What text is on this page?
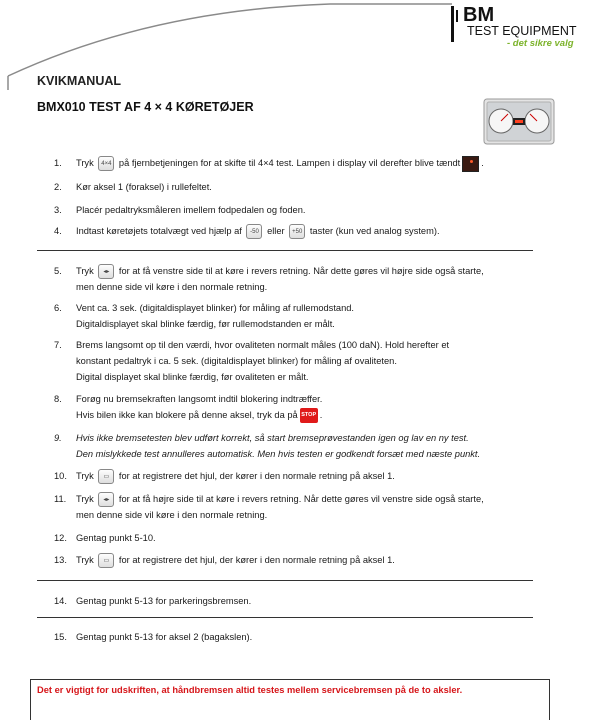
BM
TEST EQUIPMENT
- det sikre valg
KVIKMANUAL
BMX010 TEST AF 4 × 4 KØRETØJER
1. Tryk 4×4 på fjernbetjeningen for at skifte til 4×4 test. Lampen i display vil derefter blive tændt .
2. Kør aksel 1 (foraksel) i rullefeltet.
3. Placér pedaltryksmåleren imellem fodpedalen og foden.
4. Indtast køretøjets totalvægt ved hjælp af -50 eller +50 taster (kun ved analog system).
5. Tryk ◂▸ for at få venstre side til at køre i revers retning. Når dette gøres vil højre side også starte,
men denne side vil køre i den normale retning.
6. Vent ca. 3 sek. (digitaldisplayet blinker) for måling af rullemodstand.
Digitaldisplayet skal blinke færdig, før rullemodstanden er målt.
7. Brems langsomt op til den værdi, hvor ovaliteten normalt måles (100 daN). Hold herefter et
konstant pedaltryk i ca. 5 sek. (digitaldisplayet blinker) for måling af ovaliteten.
Digital displayet skal blinke færdig, før ovaliteten er målt.
8. Forøg nu bremsekraften langsomt indtil blokering indtræffer.
Hvis bilen ikke kan blokere på denne aksel, tryk da på STOP .
9. Hvis ikke bremsetesten blev udført korrekt, så start bremseprøvestanden igen og lav en ny test.
Den mislykkede test annulleres automatisk. Men hvis testen er godkendt forsæt med næste punkt.
10. Tryk ▭ for at registrere det hjul, der kører i den normale retning på aksel 1.
11. Tryk ◂▸ for at få højre side til at køre i revers retning. Når dette gøres vil venstre side også starte,
men denne side vil køre i den normale retning.
12. Gentag punkt 5-10.
13. Tryk ▭ for at registrere det hjul, der kører i den normale retning på aksel 1.
14. Gentag punkt 5-13 for parkeringsbremsen.
15. Gentag punkt 5-13 for aksel 2 (bagakslen).
Det er vigtigt for udskriften, at håndbremsen altid testes mellem servicebremsen på de to aksler.
